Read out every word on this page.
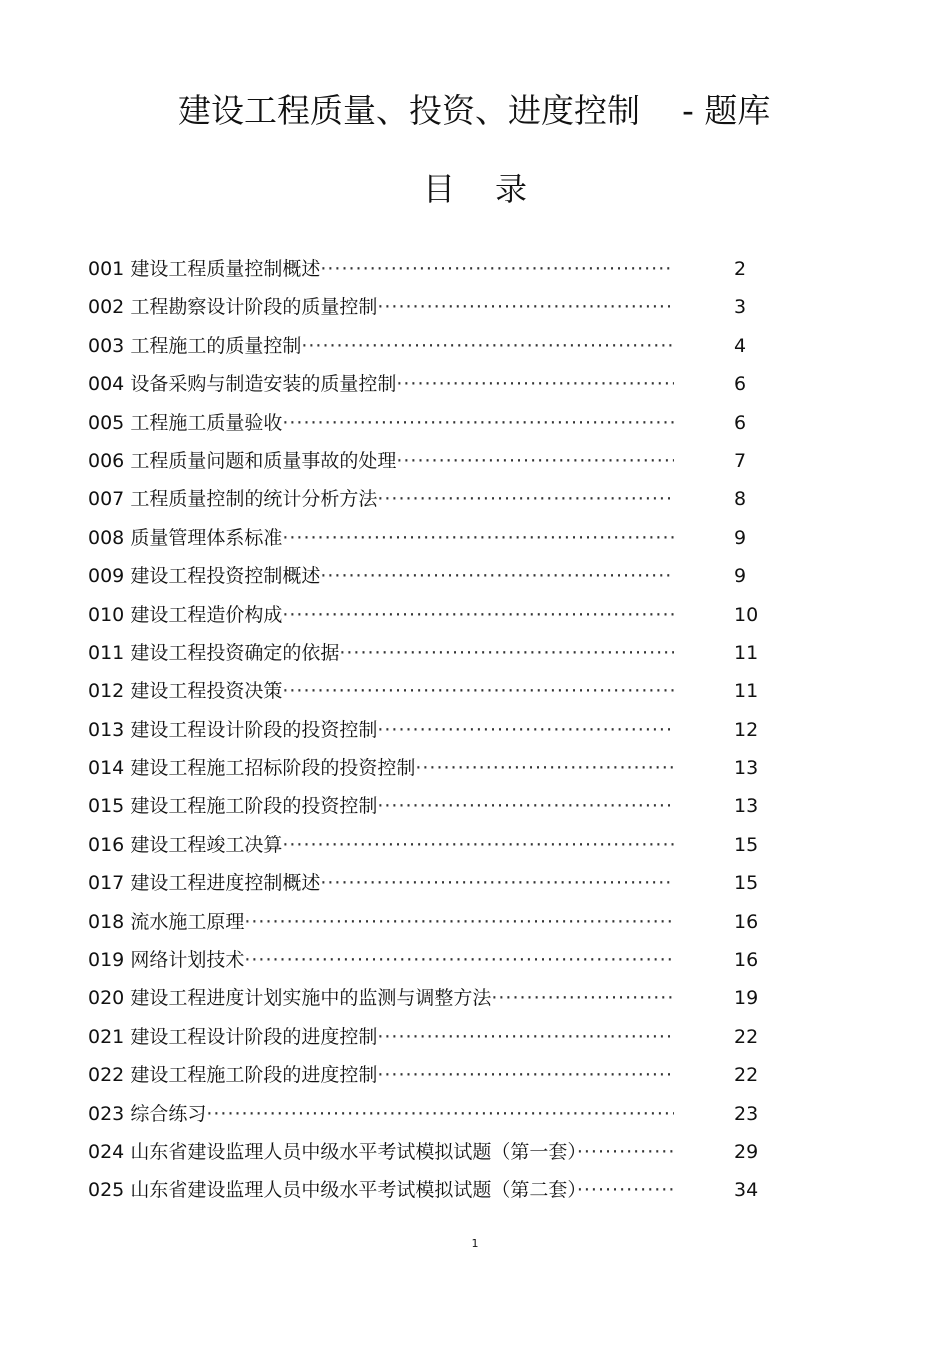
建设工程质量、投资、进度控制 - 题库
目录
001 建设工程质量控制概述 ·····	2
002 工程勘察设计阶段的质量控制 ·····	3
003 工程施工的质量控制 ·····	4
004 设备采购与制造安装的质量控制 ·····	6
005 工程施工质量验收 ·····	6
006 工程质量问题和质量事故的处理 ·····	7
007 工程质量控制的统计分析方法 ·····	8
008 质量管理体系标准 ·····	9
009 建设工程投资控制概述 ·····	9
010 建设工程造价构成 ·····	10
011 建设工程投资确定的依据 ·····	11
012 建设工程投资决策 ·····	11
013 建设工程设计阶段的投资控制 ·····	12
014 建设工程施工招标阶段的投资控制 ·····	13
015 建设工程施工阶段的投资控制 ·····	13
016 建设工程竣工决算 ·····	15
017 建设工程进度控制概述 ·····	15
018 流水施工原理 ·····	16
019 网络计划技术 ·····	16
020 建设工程进度计划实施中的监测与调整方法 ·····	19
021 建设工程设计阶段的进度控制 ·····	22
022 建设工程施工阶段的进度控制 ·····	22
023 综合练习 ·····	23
024 山东省建设监理人员中级水平考试模拟试题（第一套） ·····	29
025 山东省建设监理人员中级水平考试模拟试题（第二套） ·····	34
1
